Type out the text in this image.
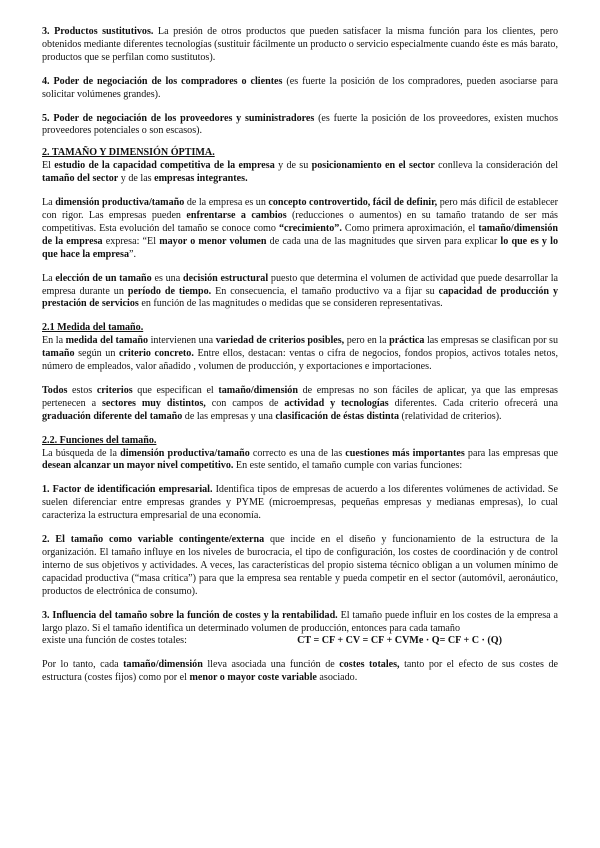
3. Productos sustitutivos. La presión de otros productos que pueden satisfacer la misma función para los clientes, pero obtenidos mediante diferentes tecnologías (sustituir fácilmente un producto o servicio especialmente cuando éste es más barato, productos que se perfilan como sustitutos).

4. Poder de negociación de los compradores o clientes (es fuerte la posición de los compradores, pueden asociarse para solicitar volúmenes grandes).

5. Poder de negociación de los proveedores y suministradores (es fuerte la posición de los proveedores, existen muchos proveedores potenciales o son escasos).

2. TAMAÑO Y DIMENSIÓN ÓPTIMA.

El estudio de la capacidad competitiva de la empresa y de su posicionamiento en el sector conlleva la consideración del tamaño del sector y de las empresas integrantes.

La dimensión productiva/tamaño de la empresa es un concepto controvertido, fácil de definir, pero más difícil de establecer con rigor. Las empresas pueden enfrentarse a cambios (reducciones o aumentos) en su tamaño tratando de ser más competitivas. Esta evolución del tamaño se conoce como “crecimiento”. Como primera aproximación, el tamaño/dimensión de la empresa expresa: “El mayor o menor volumen de cada una de las magnitudes que sirven para explicar lo que es y lo que hace la empresa”.

La elección de un tamaño es una decisión estructural puesto que determina el volumen de actividad que puede desarrollar la empresa durante un período de tiempo. En consecuencia, el tamaño productivo va a fijar su capacidad de producción y prestación de servicios en función de las magnitudes o medidas que se consideren representativas.

2.1 Medida del tamaño.

En la medida del tamaño intervienen una variedad de criterios posibles, pero en la práctica las empresas se clasifican por su tamaño según un criterio concreto. Entre ellos, destacan: ventas o cifra de negocios, fondos propios, activos totales netos, número de empleados, valor añadido , volumen de producción, y exportaciones e importaciones.

Todos estos criterios que especifican el tamaño/dimensión de empresas no son fáciles de aplicar, ya que las empresas pertenecen a sectores muy distintos, con campos de actividad y tecnologías diferentes. Cada criterio ofrecerá una graduación diferente del tamaño de las empresas y una clasificación de éstas distinta (relatividad de criterios).

2.2. Funciones del tamaño.

La búsqueda de la dimensión productiva/tamaño correcto es una de las cuestiones más importantes para las empresas que desean alcanzar un mayor nivel competitivo. En este sentido, el tamaño cumple con varias funciones:

1. Factor de identificación empresarial. Identifica tipos de empresas de acuerdo a los diferentes volúmenes de actividad. Se suelen diferenciar entre empresas grandes y PYME (microempresas, pequeñas empresas y medianas empresas), lo cual caracteriza la estructura empresarial de una economía.

2. El tamaño como variable contingente/externa que incide en el diseño y funcionamiento de la estructura de la organización. El tamaño influye en los niveles de burocracia, el tipo de configuración, los costes de coordinación y de control interno de sus objetivos y actividades. A veces, las características del propio sistema técnico obligan a un volumen mínimo de capacidad productiva (“masa crítica”) para que la empresa sea rentable y pueda competir en el sector (automóvil, aeronáutico, productos de electrónica de consumo).

3. Influencia del tamaño sobre la función de costes y la rentabilidad. El tamaño puede influir en los costes de la empresa a largo plazo. Si el tamaño identifica un determinado volumen de producción, entonces para cada tamaño

existe una función de costes totales:	CT = CF + CV = CF + CVMe · Q= CF + C · (Q)

Por lo tanto, cada tamaño/dimensión lleva asociada una función de costes totales, tanto por el efecto de sus costes de estructura (costes fijos) como por el menor o mayor coste variable asociado.
